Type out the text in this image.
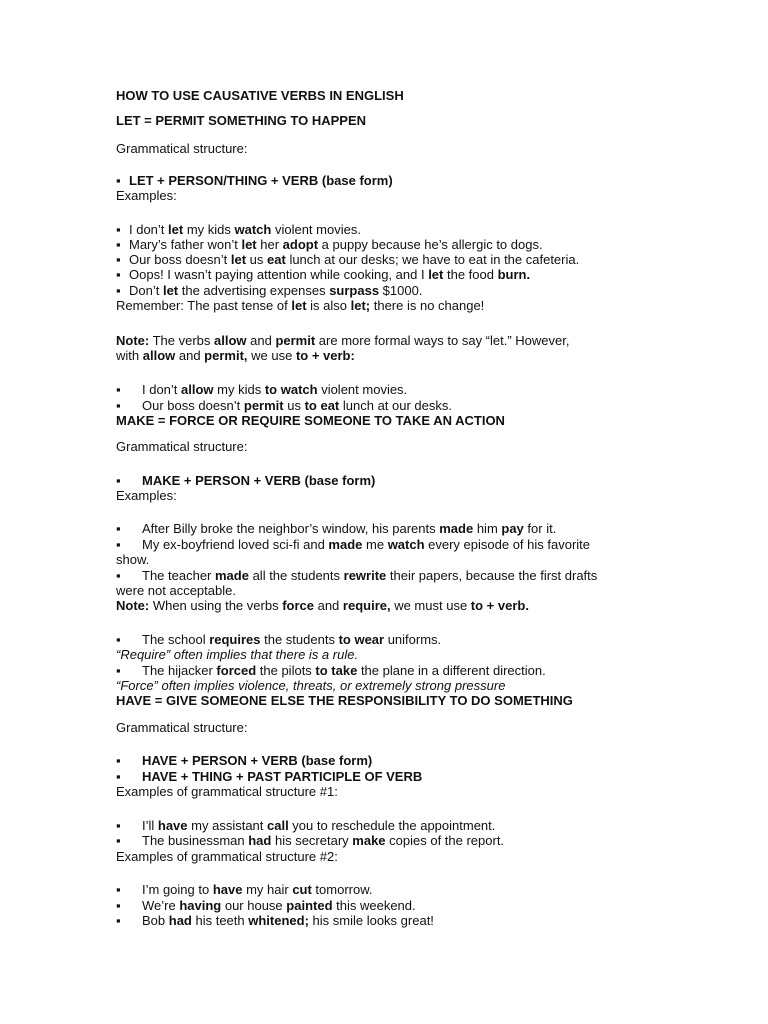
HOW TO USE CAUSATIVE VERBS IN ENGLISH
LET = PERMIT SOMETHING TO HAPPEN
Grammatical structure:
▪
LET + PERSON/THING + VERB (base form)
Examples:
▪
I don’t let my kids watch violent movies.
▪
Mary’s father won’t let her adopt a puppy because he’s allergic to dogs.
▪
Our boss doesn’t let us eat lunch at our desks; we have to eat in the cafeteria.
▪
Oops! I wasn’t paying attention while cooking, and I let the food burn.
▪
Don’t let the advertising expenses surpass $1000.
Remember: The past tense of let is also let; there is no change!
Note: The verbs allow and permit are more formal ways to say “let.” However,
with allow and permit, we use to + verb:
▪
I don’t allow my kids to watch violent movies.
▪
Our boss doesn’t permit us to eat lunch at our desks.
MAKE = FORCE OR REQUIRE SOMEONE TO TAKE AN ACTION
Grammatical structure:
▪
MAKE + PERSON + VERB (base form)
Examples:
▪
After Billy broke the neighbor’s window, his parents made him pay for it.
▪
My ex-boyfriend loved sci-fi and made me watch every episode of his favorite
show.
▪
The teacher made all the students rewrite their papers, because the first drafts
were not acceptable.
Note: When using the verbs force and require, we must use to + verb.
▪
The school requires the students to wear uniforms.
“Require” often implies that there is a rule.
▪
The hijacker forced the pilots to take the plane in a different direction.
“Force” often implies violence, threats, or extremely strong pressure
HAVE = GIVE SOMEONE ELSE THE RESPONSIBILITY TO DO SOMETHING
Grammatical structure:
▪
HAVE + PERSON + VERB (base form)
▪
HAVE + THING + PAST PARTICIPLE OF VERB
Examples of grammatical structure #1:
▪
I’ll have my assistant call you to reschedule the appointment.
▪
The businessman had his secretary make copies of the report.
Examples of grammatical structure #2:
▪
I’m going to have my hair cut tomorrow.
▪
We’re having our house painted this weekend.
▪
Bob had his teeth whitened; his smile looks great!
